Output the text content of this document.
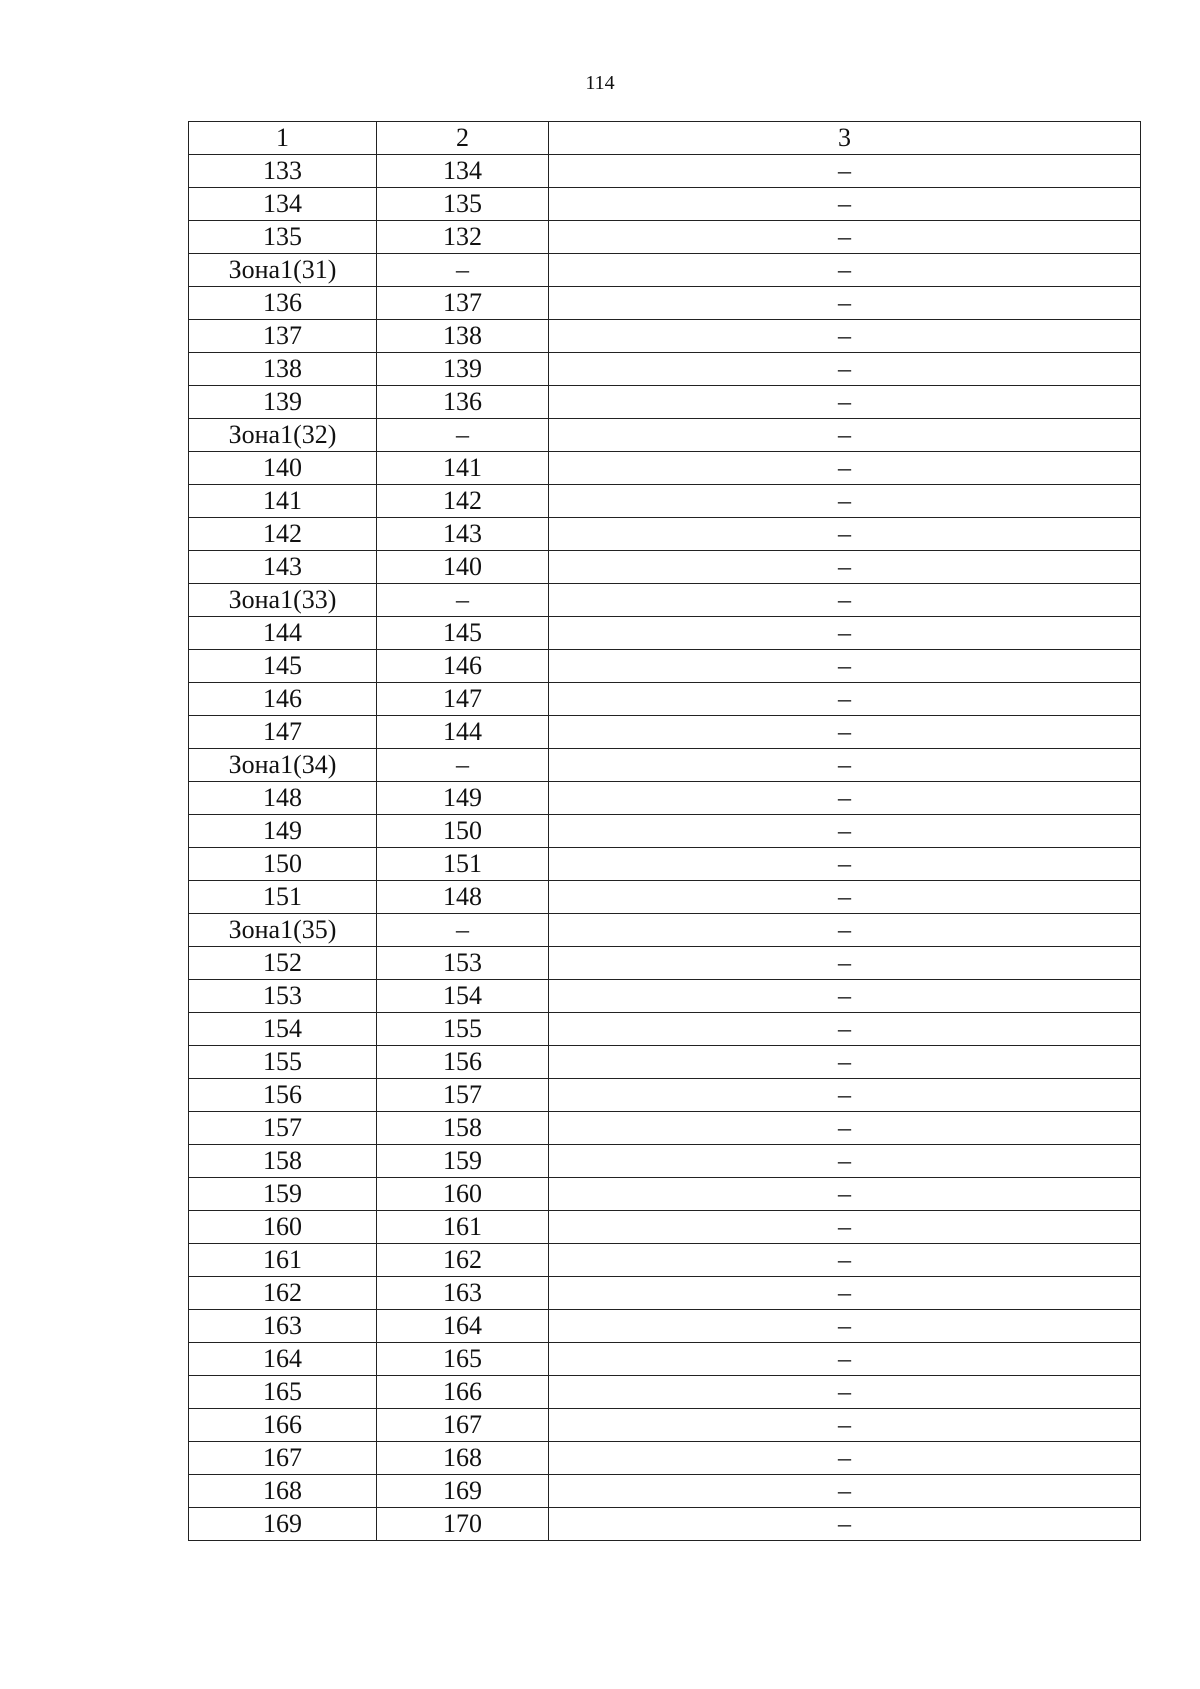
114
1	2	3
133	134	–
134	135	–
135	132	–
Зона1(31)	–	–
136	137	–
137	138	–
138	139	–
139	136	–
Зона1(32)	–	–
140	141	–
141	142	–
142	143	–
143	140	–
Зона1(33)	–	–
144	145	–
145	146	–
146	147	–
147	144	–
Зона1(34)	–	–
148	149	–
149	150	–
150	151	–
151	148	–
Зона1(35)	–	–
152	153	–
153	154	–
154	155	–
155	156	–
156	157	–
157	158	–
158	159	–
159	160	–
160	161	–
161	162	–
162	163	–
163	164	–
164	165	–
165	166	–
166	167	–
167	168	–
168	169	–
169	170	–
